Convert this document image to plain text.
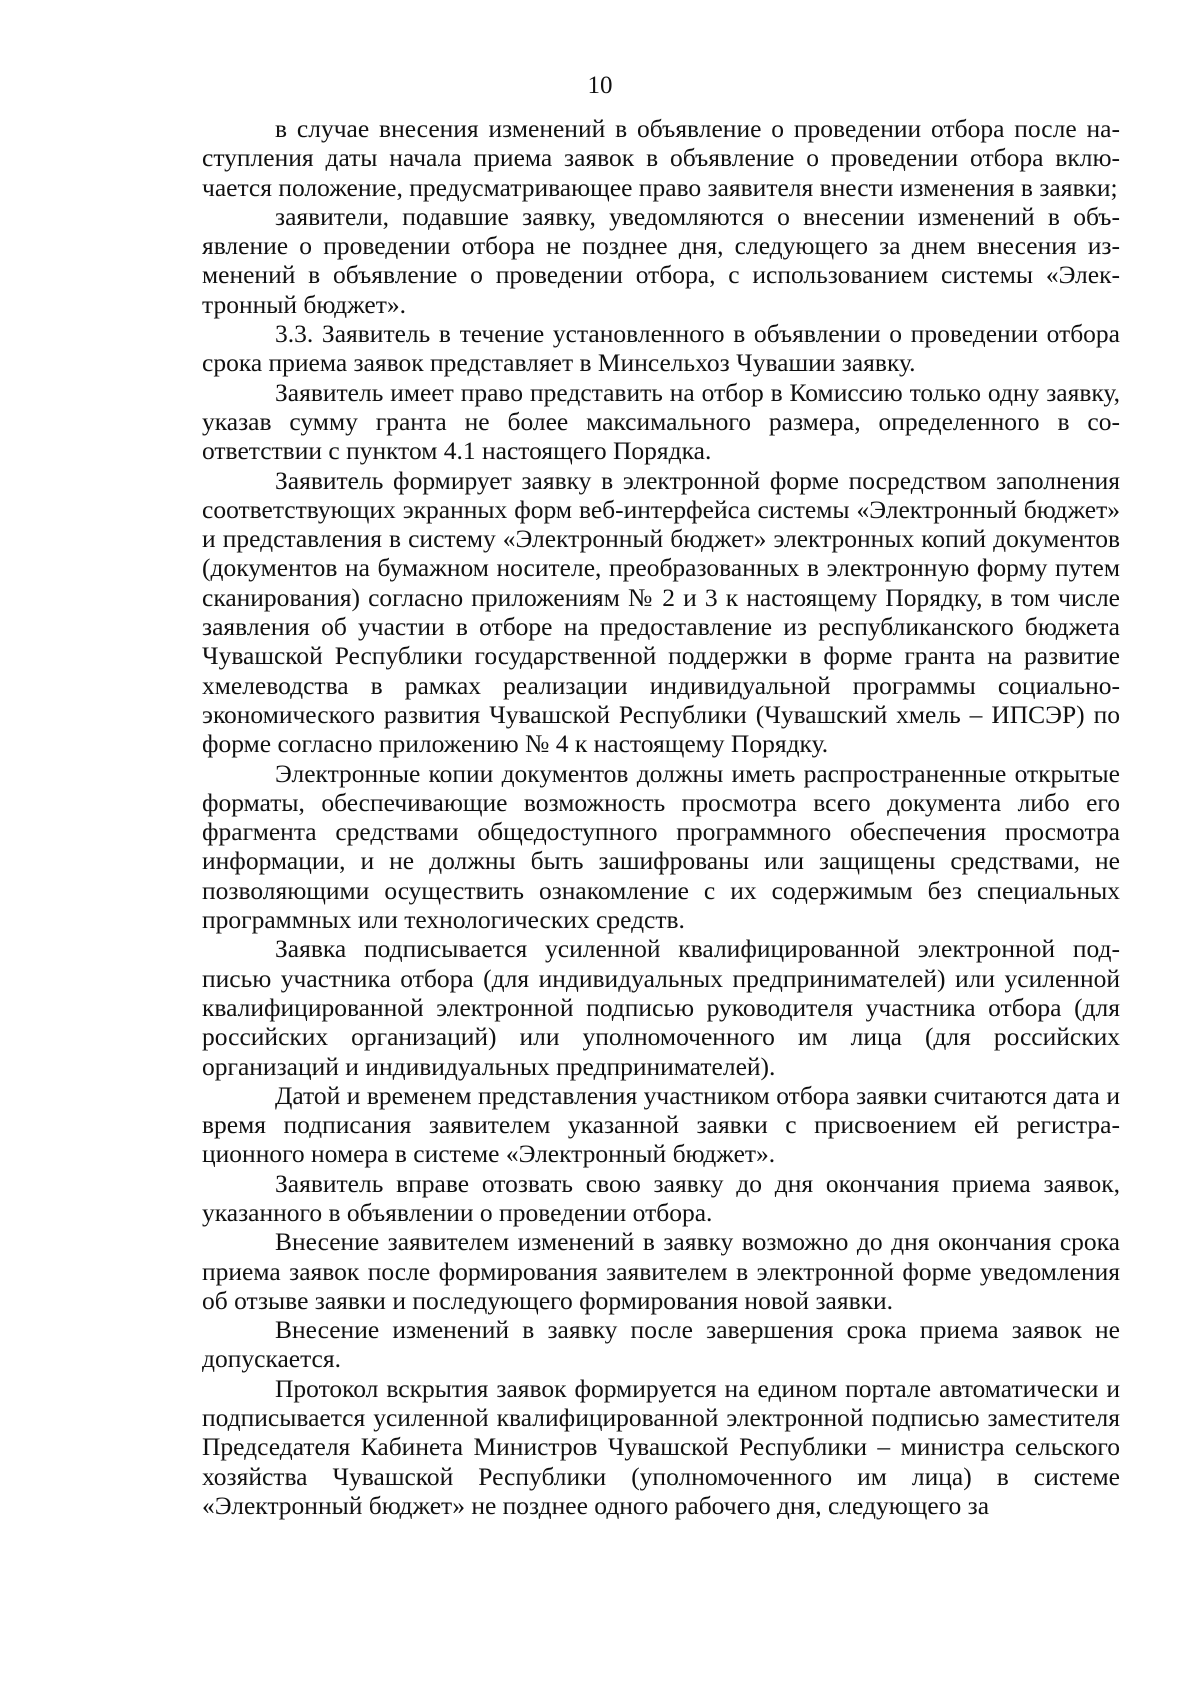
10

в случае внесения изменений в объявление о проведении отбора после наступления даты начала приема заявок в объявление о проведении отбора включается положение, предусматривающее право заявителя внести изменения в заявки;

заявители, подавшие заявку, уведомляются о внесении изменений в объявление о проведении отбора не позднее дня, следующего за днем внесения изменений в объявление о проведении отбора, с использованием системы «Электронный бюджет».

3.3. Заявитель в течение установленного в объявлении о проведении отбора срока приема заявок представляет в Минсельхоз Чувашии заявку.

Заявитель имеет право представить на отбор в Комиссию только одну заявку, указав сумму гранта не более максимального размера, определенного в соответствии с пунктом 4.1 настоящего Порядка.

Заявитель формирует заявку в электронной форме посредством заполнения соответствующих экранных форм веб-интерфейса системы «Электронный бюджет» и представления в систему «Электронный бюджет» электронных копий документов (документов на бумажном носителе, преобразованных в электронную форму путем сканирования) согласно приложениям № 2 и 3 к настоящему Порядку, в том числе заявления об участии в отборе на предоставление из республиканского бюджета Чувашской Республики государственной поддержки в форме гранта на развитие хмелеводства в рамках реализации индивидуальной программы социально-экономического развития Чувашской Республики (Чувашский хмель – ИПСЭР) по форме согласно приложению № 4 к настоящему Порядку.

Электронные копии документов должны иметь распространенные открытые форматы, обеспечивающие возможность просмотра всего документа либо его фрагмента средствами общедоступного программного обеспечения просмотра информации, и не должны быть зашифрованы или защищены средствами, не позволяющими осуществить ознакомление с их содержимым без специальных программных или технологических средств.

Заявка подписывается усиленной квалифицированной электронной подписью участника отбора (для индивидуальных предпринимателей) или усиленной квалифицированной электронной подписью руководителя участника отбора (для российских организаций) или уполномоченного им лица (для российских организаций и индивидуальных предпринимателей).

Датой и временем представления участником отбора заявки считаются дата и время подписания заявителем указанной заявки с присвоением ей регистрационного номера в системе «Электронный бюджет».

Заявитель вправе отозвать свою заявку до дня окончания приема заявок, указанного в объявлении о проведении отбора.

Внесение заявителем изменений в заявку возможно до дня окончания срока приема заявок после формирования заявителем в электронной форме уведомления об отзыве заявки и последующего формирования новой заявки.

Внесение изменений в заявку после завершения срока приема заявок не допускается.

Протокол вскрытия заявок формируется на едином портале автоматически и подписывается усиленной квалифицированной электронной подписью заместителя Председателя Кабинета Министров Чувашской Республики – министра сельского хозяйства Чувашской Республики (уполномоченного им лица) в системе «Электронный бюджет» не позднее одного рабочего дня, следующего за
